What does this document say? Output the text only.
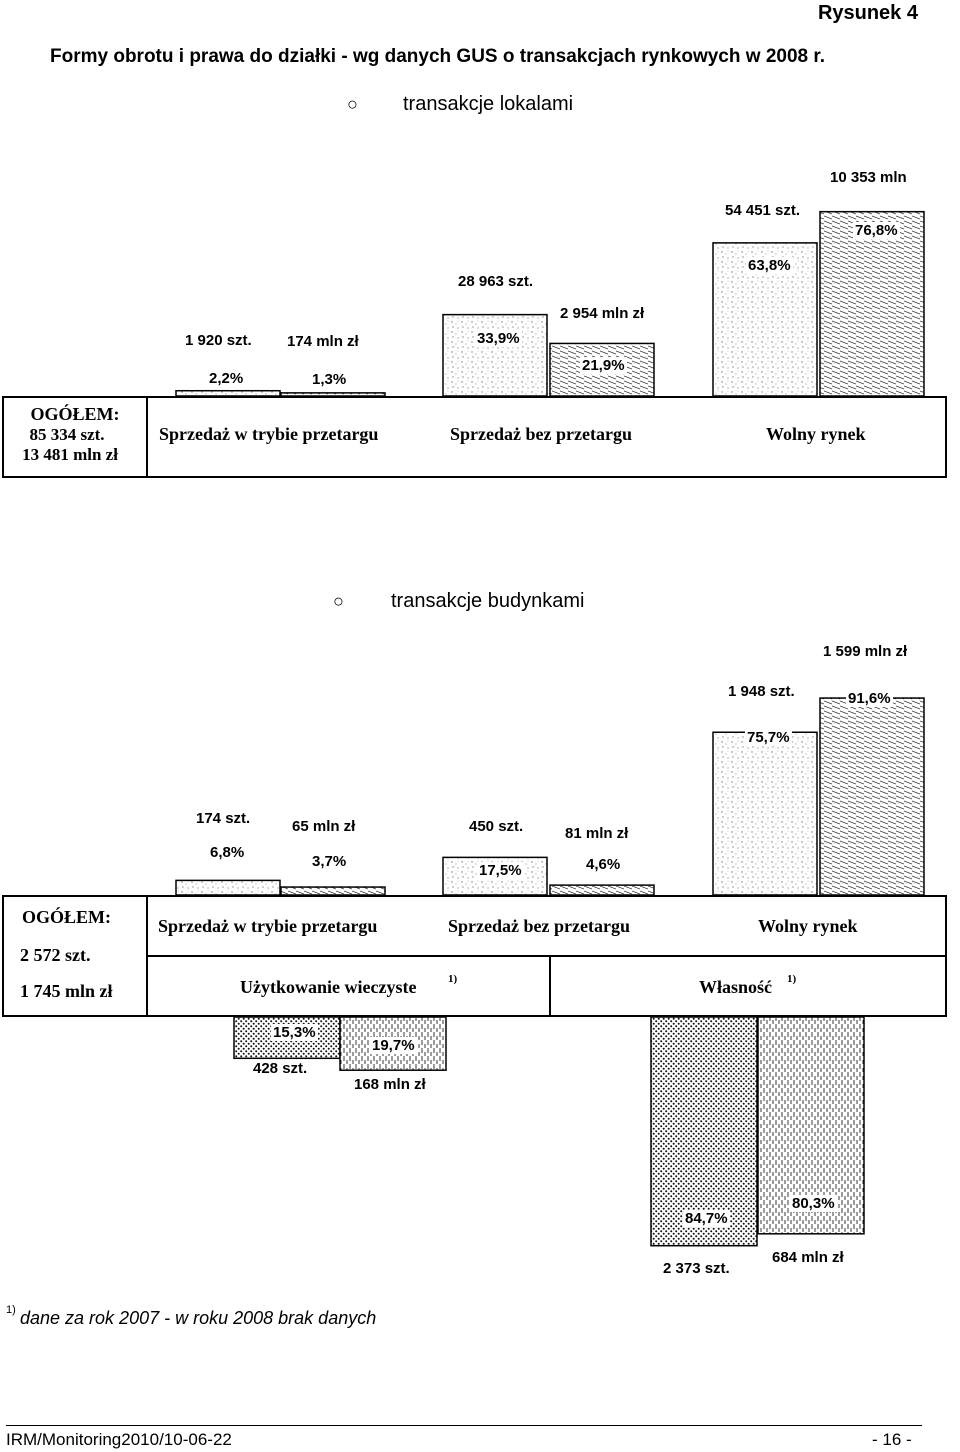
Rysunek 4
Formy obrotu i prawa do działki - wg danych GUS o transakcjach rynkowych w 2008 r.
○ transakcje lokalami
OGÓŁEM:
85 334 szt.
13 481 mln zł
Sprzedaż w trybie przetargu	Sprzedaż bez przetargu	Wolny rynek
1 920 szt.
2,2%
174 mln zł
1,3%
28 963 szt.
33,9%
2 954 mln zł
21,9%
54 451 szt.
63,8%
10 353 mln
76,8%
○ transakcje budynkami
174 szt.
6,8%
65 mln zł
3,7%
450 szt.
17,5%
81 mln zł
4,6%
1 948 szt.
75,7%
1 599 mln zł
91,6%
OGÓŁEM:
2 572 szt.
1 745 mln zł
Sprzedaż w trybie przetargu	Sprzedaż bez przetargu	Wolny rynek
Użytkowanie wieczyste	1)	Własność 1)
15,3%
428 szt.
19,7%
168 mln zł
84,7%
2 373 szt.
80,3%
684 mln zł
1) dane za rok 2007 - w roku 2008 brak danych
IRM/Monitoring2010/10-06-22	- 16 -
